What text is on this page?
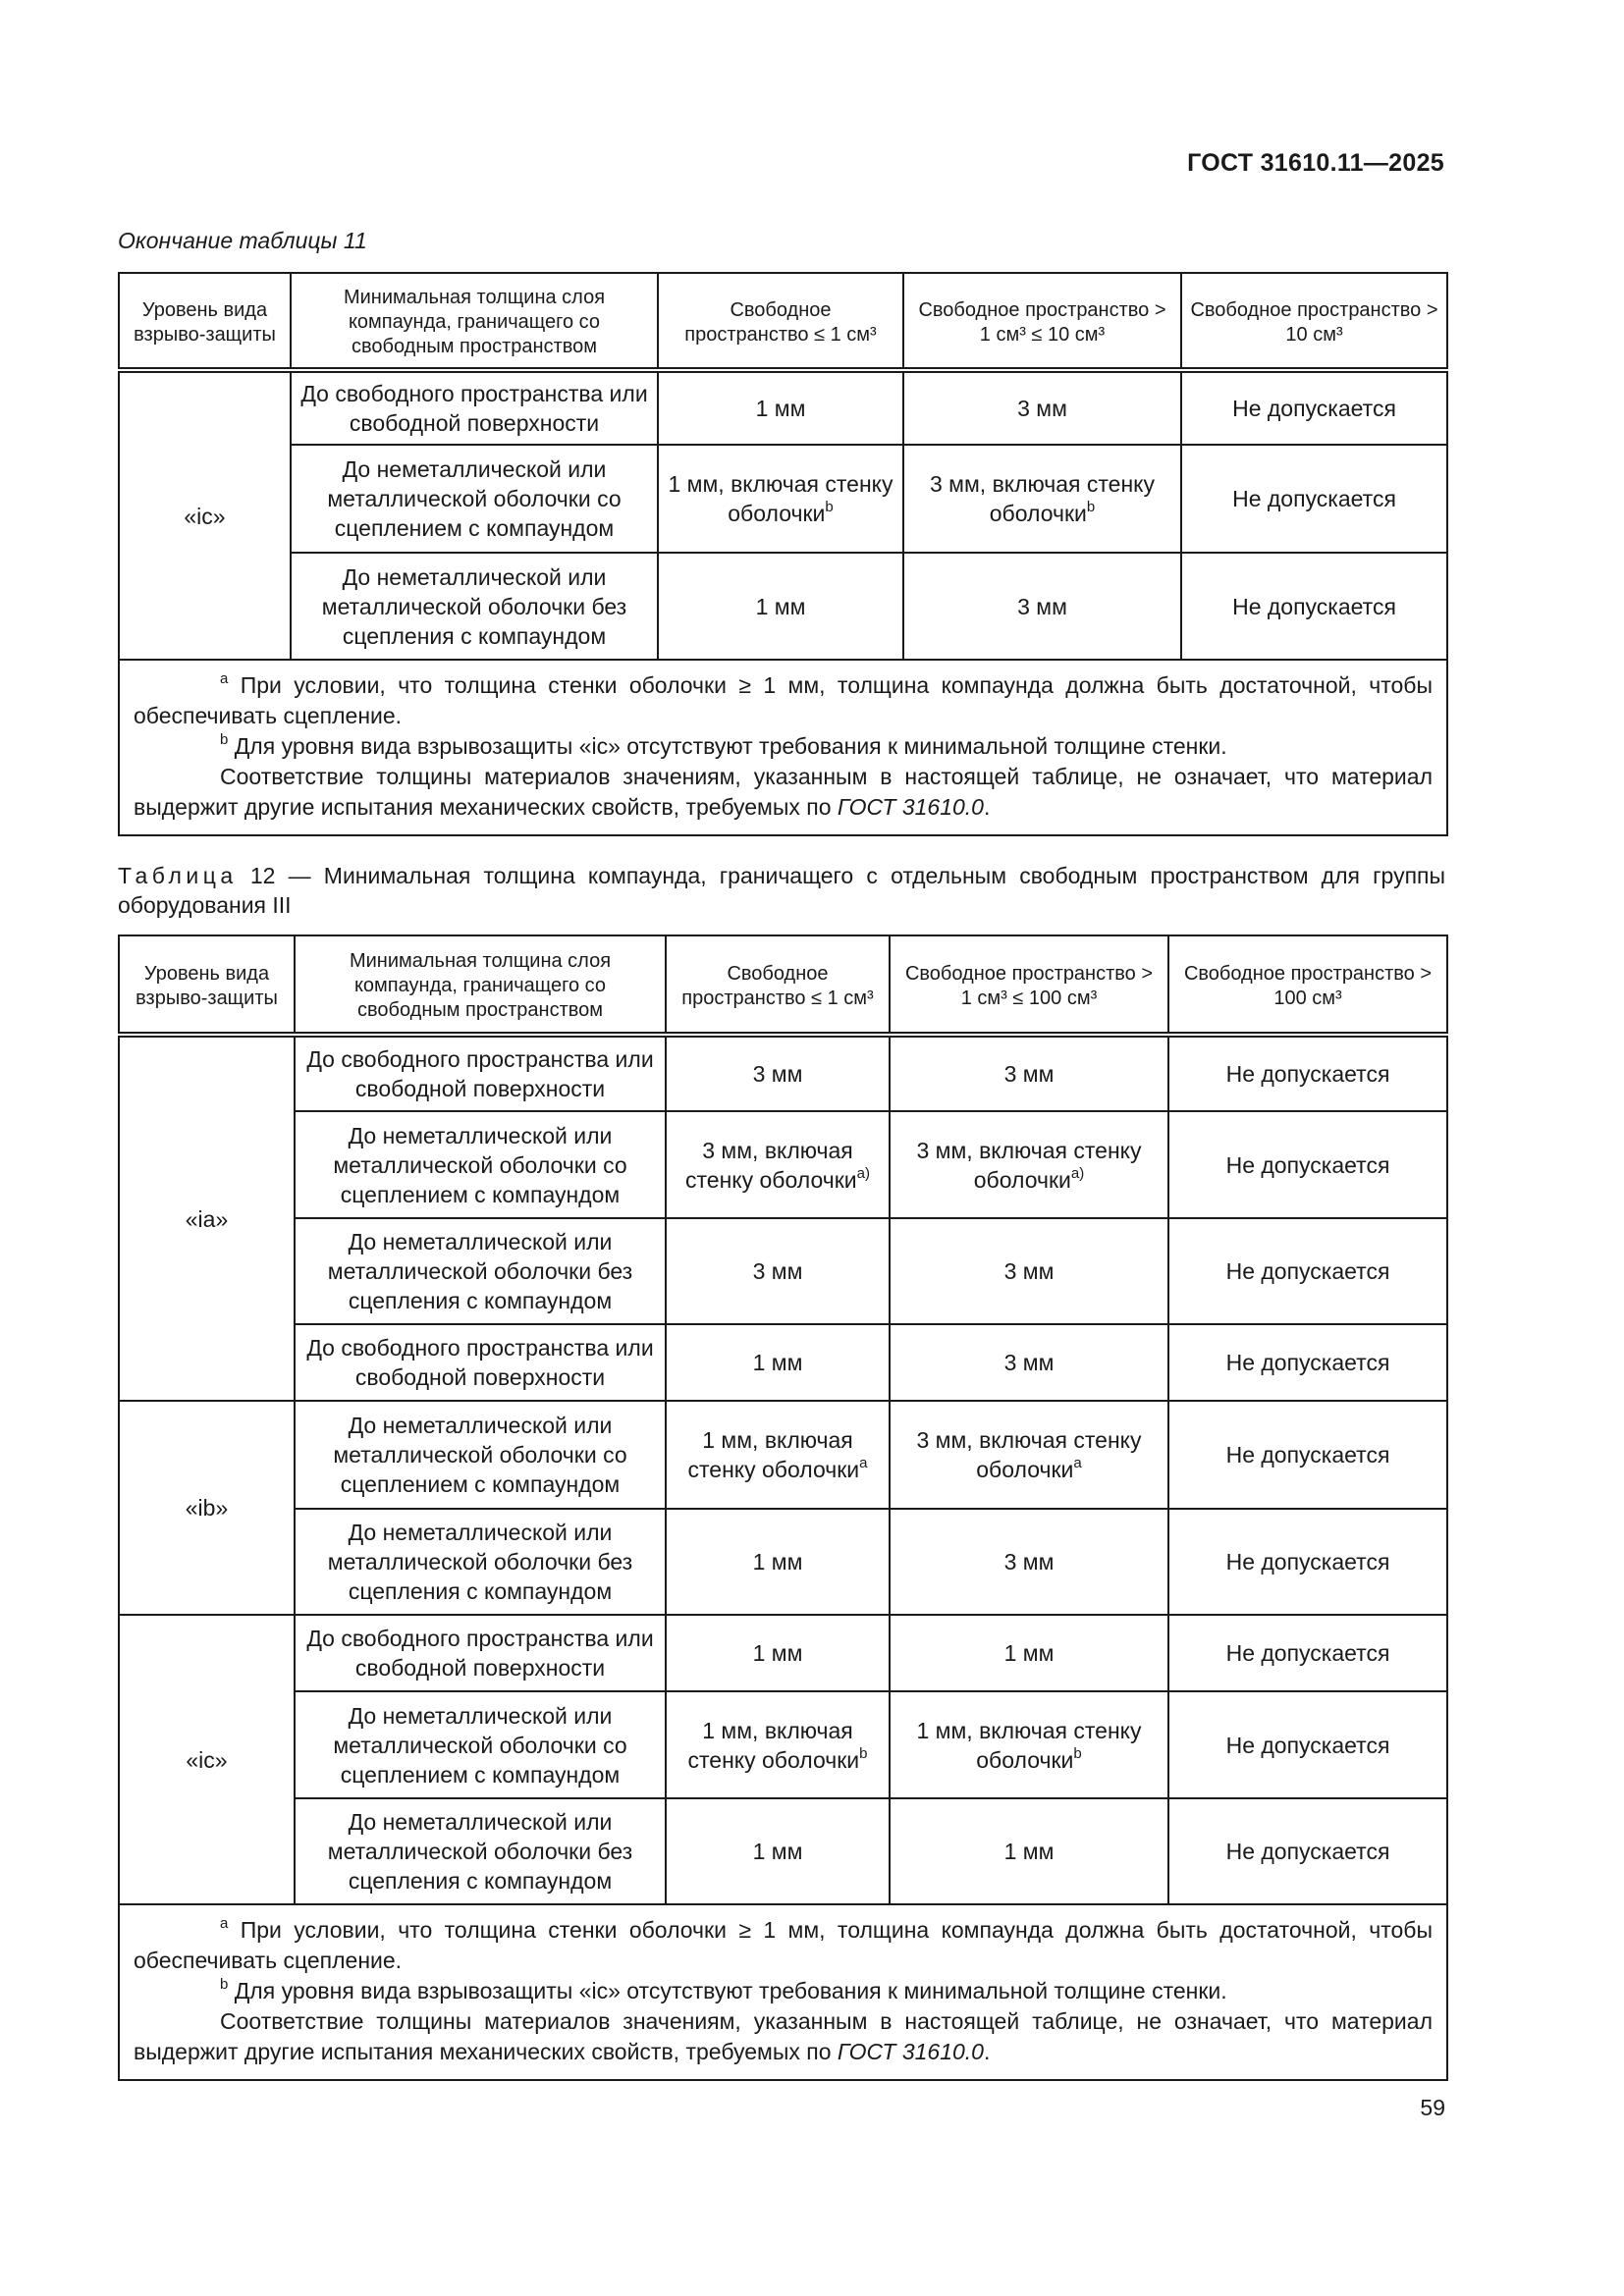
ГОСТ 31610.11—2025
Окончание таблицы 11
Уровень вида взрыво-защиты	Минимальная толщина слоя компаунда, граничащего со свободным пространством	Свободное пространство ≤ 1 см³	Свободное пространство > 1 см³ ≤ 10 см³	Свободное пространство > 10 см³
«ic»	До свободного пространства или свободной поверхности	1 мм	3 мм	Не допускается
	До неметаллической или металлической оболочки со сцеплением с компаундом	1 мм, включая стенку оболочки$^b$	3 мм, включая стенку оболочки$^b$	Не допускается
	До неметаллической или металлической оболочки без сцепления с компаундом	1 мм	3 мм	Не допускается

$^a$ При условии, что толщина стенки оболочки ≥ 1 мм, толщина компаунда должна быть достаточной, чтобы обеспечивать сцепление.
$^b$ Для уровня вида взрывозащиты «ic» отсутствуют требования к минимальной толщине стенки.
Соответствие толщины материалов значениям, указанным в настоящей таблице, не означает, что материал выдержит другие испытания механических свойств, требуемых по ГОСТ 31610.0.				
Таблица 12 — Минимальная толщина компаунда, граничащего с отдельным свободным пространством для группы оборудования III
Уровень вида взрыво-защиты	Минимальная толщина слоя компаунда, граничащего со свободным пространством	Свободное пространство ≤ 1 см³	Свободное пространство > 1 см³ ≤ 100 см³	Свободное пространство > 100 см³
«ia»	До свободного пространства или свободной поверхности	3 мм	3 мм	Не допускается
	До неметаллической или металлической оболочки со сцеплением с компаундом	3 мм, включая стенку оболочки$^{a)}$	3 мм, включая стенку оболочки$^{a)}$	Не допускается
	До неметаллической или металлической оболочки без сцепления с компаундом	3 мм	3 мм	Не допускается
	До свободного пространства или свободной поверхности	1 мм	3 мм	Не допускается
«ib»	До неметаллической или металлической оболочки со сцеплением с компаундом	1 мм, включая стенку оболочки$^a$	3 мм, включая стенку оболочки$^a$	Не допускается
	До неметаллической или металлической оболочки без сцепления с компаундом	1 мм	3 мм	Не допускается
«ic»	До свободного пространства или свободной поверхности	1 мм	1 мм	Не допускается
	До неметаллической или металлической оболочки со сцеплением с компаундом	1 мм, включая стенку оболочки$^b$	1 мм, включая стенку оболочки$^b$	Не допускается
	До неметаллической или металлической оболочки без сцепления с компаундом	1 мм	1 мм	Не допускается

$^a$ При условии, что толщина стенки оболочки ≥ 1 мм, толщина компаунда должна быть достаточной, чтобы обеспечивать сцепление.
$^b$ Для уровня вида взрывозащиты «ic» отсутствуют требования к минимальной толщине стенки.
Соответствие толщины материалов значениям, указанным в настоящей таблице, не означает, что материал выдержит другие испытания механических свойств, требуемых по ГОСТ 31610.0.				
59
